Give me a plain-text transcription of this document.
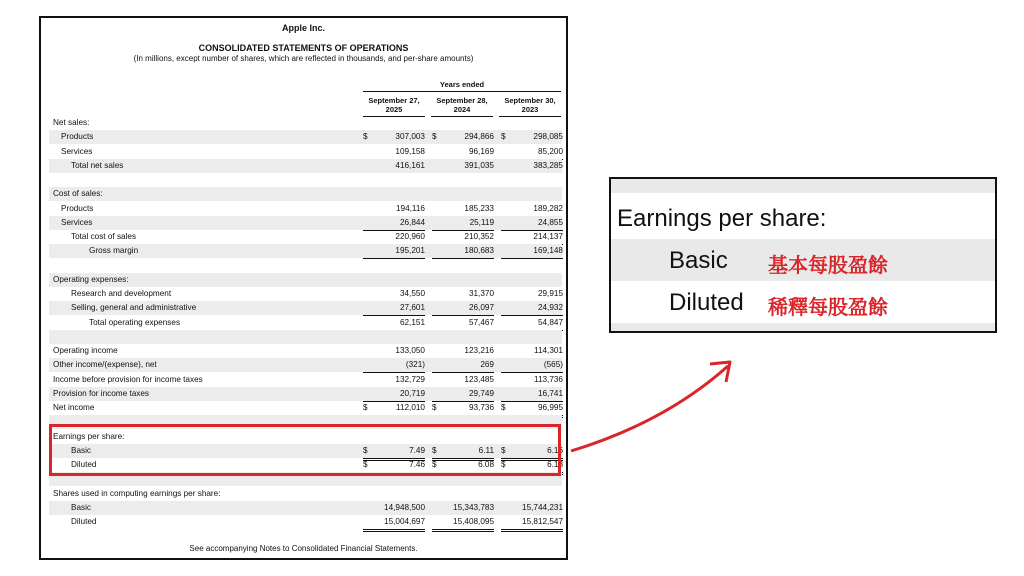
Apple Inc.
CONSOLIDATED STATEMENTS OF OPERATIONS
(In millions, except number of shares, which are reflected in thousands, and per-share amounts)
Years ended
September 27,
2025
September 28,
2024
September 30,
2023
Net sales:
Products	$	307,003 $	294,866 $	298,085
Services	109,158	96,169	85,200
Total net sales	416,161	391,035	383,285
Cost of sales:
Products	194,116	185,233	189,282
Services	26,844	25,119	24,855
Total cost of sales	220,960	210,352	214,137
Gross margin	195,201	180,683	169,148
Operating expenses:
Research and development	34,550	31,370	29,915
Selling, general and administrative	27,601	26,097	24,932
Total operating expenses	62,151	57,467	54,847
Operating income	133,050	123,216	114,301
Other income/(expense), net	(321)	269	(565)
Income before provision for income taxes	132,729	123,485	113,736
Provision for income taxes	20,719	29,749	16,741
Net income	$	112,010 $	93,736 $	96,995
Earnings per share:
Basic	$	7.49 $	6.11 $	6.16
Diluted	$	7.46 $	6.08 $	6.13
Shares used in computing earnings per share:
Basic	14,948,500	15,343,783	15,744,231
Diluted	15,004,697	15,408,095	15,812,547
See accompanying Notes to Consolidated Financial Statements.
Earnings per share:
Basic 基本每股盈餘
Diluted 稀釋每股盈餘
